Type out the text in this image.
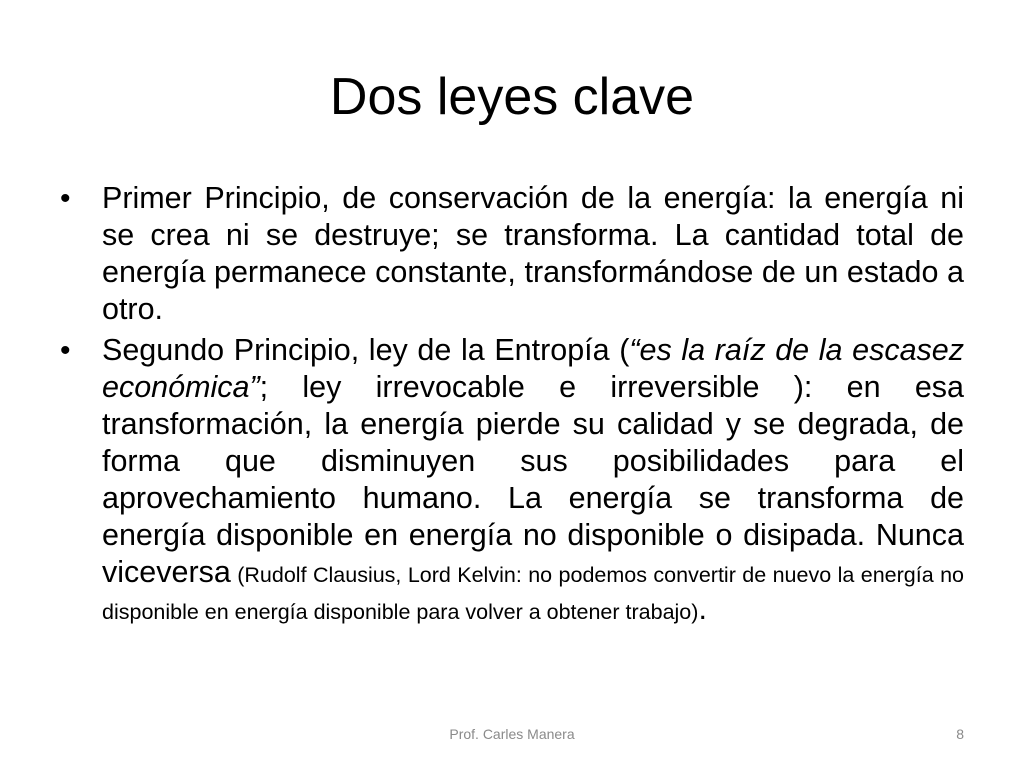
Dos leyes clave
• Primer Principio, de conservación de la energía: la energía ni se crea ni se destruye; se transforma. La cantidad total de energía permanece constante, transformándose de un estado a otro.
• Segundo Principio, ley de la Entropía (“es la raíz de la escasez económica”; ley irrevocable e irreversible ): en esa transformación, la energía pierde su calidad y se degrada, de forma que disminuyen sus posibilidades para el aprovechamiento humano. La energía se transforma de energía disponible en energía no disponible o disipada. Nunca viceversa (Rudolf Clausius, Lord Kelvin: no podemos convertir de nuevo la energía no disponible en energía disponible para volver a obtener trabajo).
Prof. Carles Manera	8
